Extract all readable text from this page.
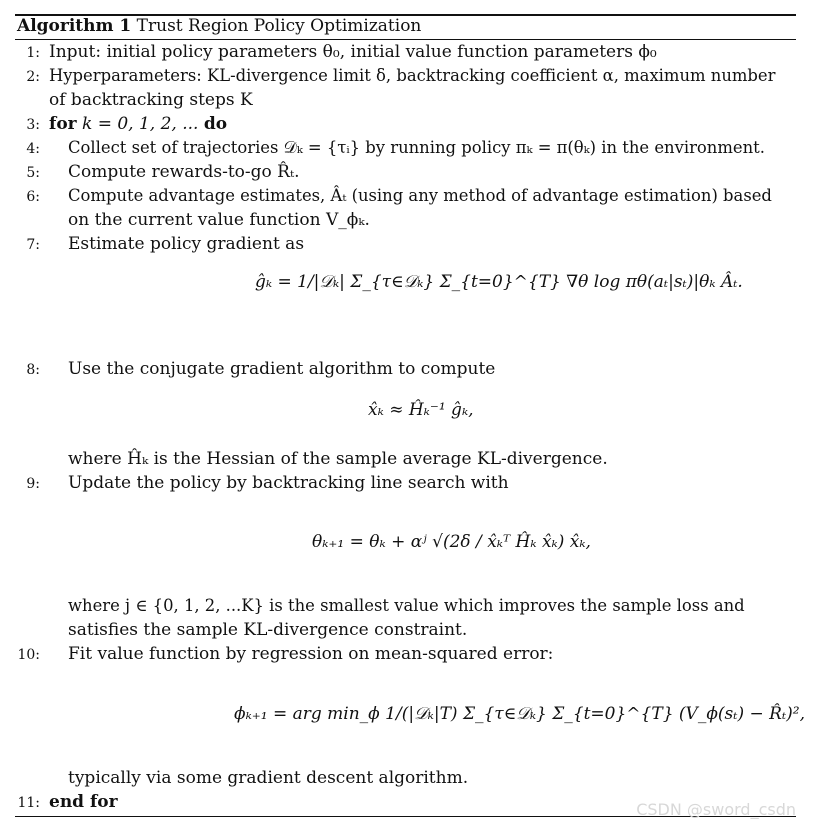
Algorithm 1 Trust Region Policy Optimization
1: Input: initial policy parameters θ₀, initial value function parameters ϕ₀
2: Hyperparameters: KL-divergence limit δ, backtracking coefficient α, maximum number
of backtracking steps K
3: for k = 0, 1, 2, ... do
4: Collect set of trajectories 𝒟ₖ = {τᵢ} by running policy πₖ = π(θₖ) in the environment.
5: Compute rewards-to-go R̂ₜ.
6: Compute advantage estimates, Âₜ (using any method of advantage estimation) based
on the current value function V_ϕₖ.
7: Estimate policy gradient as
ĝₖ = 1/|𝒟ₖ| Σ_{τ∈𝒟ₖ} Σ_{t=0}^{T} ∇θ log πθ(aₜ|sₜ)|θₖ Âₜ.
8: Use the conjugate gradient algorithm to compute
x̂ₖ ≈ Ĥₖ⁻¹ ĝₖ,
where Ĥₖ is the Hessian of the sample average KL-divergence.
9: Update the policy by backtracking line search with
θₖ₊₁ = θₖ + αʲ √(2δ / x̂ₖᵀ Ĥₖ x̂ₖ) x̂ₖ,
where j ∈ {0, 1, 2, ...K} is the smallest value which improves the sample loss and
satisfies the sample KL-divergence constraint.
10: Fit value function by regression on mean-squared error:
ϕₖ₊₁ = arg min_ϕ 1/(|𝒟ₖ|T) Σ_{τ∈𝒟ₖ} Σ_{t=0}^{T} (V_ϕ(sₜ) − R̂ₜ)²,
typically via some gradient descent algorithm.
11: end for	CSDN @sword_csdn
